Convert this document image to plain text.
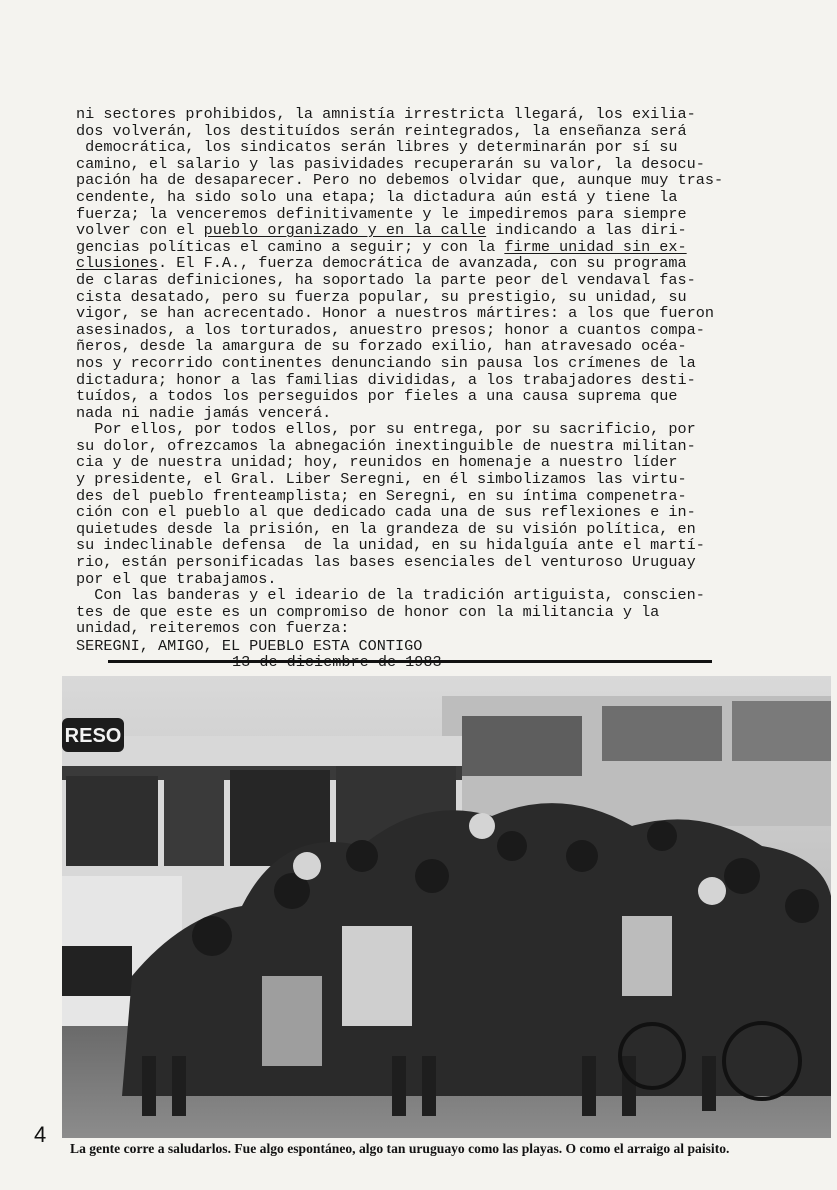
ni sectores prohibidos, la amnistía irrestricta llegará, los exilia-

dos volverán, los destituídos serán reintegrados, la enseñanza será

democrática, los sindicatos serán libres y determinarán por sí su

camino, el salario y las pasividades recuperarán su valor, la desocu-

pación ha de desaparecer. Pero no debemos olvidar que, aunque muy tras-

cendente, ha sido solo una etapa; la dictadura aún está y tiene la

fuerza; la venceremos definitivamente y le impediremos para siempre

volver con el pueblo organizado y en la calle indicando a las diri-

gencias políticas el camino a seguir; y con la firme unidad sin ex-

clusiones. El F.A., fuerza democrática de avanzada, con su programa

de claras definiciones, ha soportado la parte peor del vendaval fas-

cista desatado, pero su fuerza popular, su prestigio, su unidad, su

vigor, se han acrecentado. Honor a nuestros mártires: a los que fueron

asesinados, a los torturados, anuestro presos; honor a cuantos compa-

ñeros, desde la amargura de su forzado exilio, han atravesado océa-

nos y recorrido continentes denunciando sin pausa los crímenes de la

dictadura; honor a las familias divididas, a los trabajadores desti-

tuídos, a todos los perseguidos por fieles a una causa suprema que

nada ni nadie jamás vencerá.

Por ellos, por todos ellos, por su entrega, por su sacrificio, por

su dolor, ofrezcamos la abnegación inextinguible de nuestra militan-

cia y de nuestra unidad; hoy, reunidos en homenaje a nuestro líder

y presidente, el Gral. Liber Seregni, en él simbolizamos las virtu-

des del pueblo frenteamplista; en Seregni, en su íntima compenetra-

ción con el pueblo al que dedicado cada una de sus reflexiones e in-

quietudes desde la prisión, en la grandeza de su visión política, en

su indeclinable defensa  de la unidad, en su hidalguía ante el martí-

rio, están personificadas las bases esenciales del venturoso Uruguay

por el que trabajamos.

Con las banderas y el ideario de la tradición artiguista, conscien-

tes de que este es un compromiso de honor con la militancia y la

unidad, reiteremos con fuerza:

SEREGNI, AMIGO, EL PUEBLO ESTA CONTIGO
RESO
4
La gente corre a saludarlos. Fue algo espontáneo, algo tan uruguayo como las playas. O como el arraigo al paisito.
